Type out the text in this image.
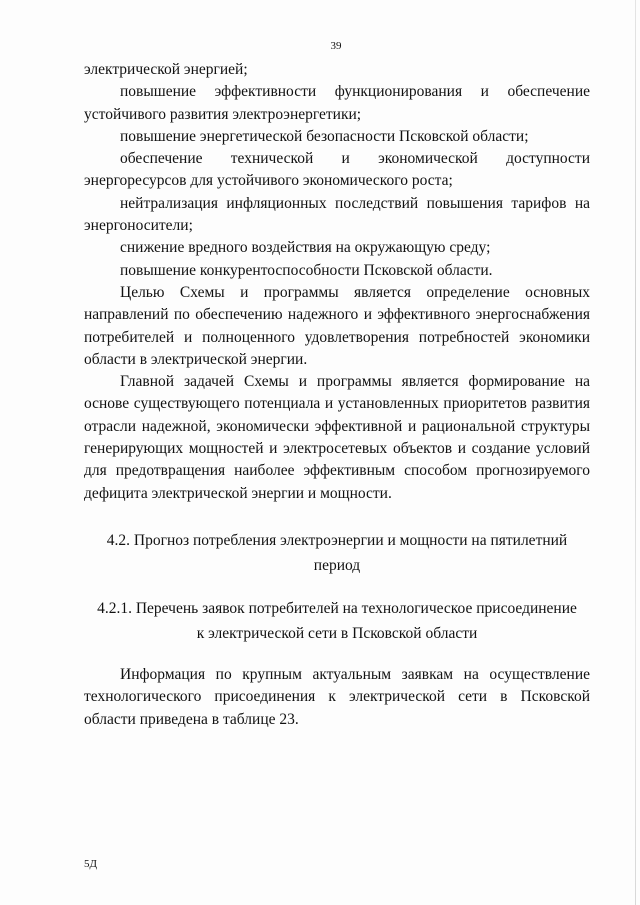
39

электрической энергией;

повышение эффективности функционирования и обеспечение устойчивого развития электроэнергетики;

повышение энергетической безопасности Псковской области;

обеспечение технической и экономической доступности энергоресурсов для устойчивого экономического роста;

нейтрализация инфляционных последствий повышения тарифов на энергоносители;

снижение вредного воздействия на окружающую среду;

повышение конкурентоспособности Псковской области.

Целью Схемы и программы является определение основных направлений по обеспечению надежного и эффективного энергоснабжения потребителей и полноценного удовлетворения потребностей экономики области в электрической энергии.

Главной задачей Схемы и программы является формирование на основе существующего потенциала и установленных приоритетов развития отрасли надежной, экономически эффективной и рациональной структуры генерирующих мощностей и электросетевых объектов и создание условий для предотвращения наиболее эффективным способом прогнозируемого дефицита электрической энергии и мощности.

4.2. Прогноз потребления электроэнергии и мощности на пятилетний
период
4.2.1. Перечень заявок потребителей на технологическое присоединение
к электрической сети в Псковской области

Информация по крупным актуальным заявкам на осуществление технологического присоединения к электрической сети в Псковской области приведена в таблице 23.

5Д
